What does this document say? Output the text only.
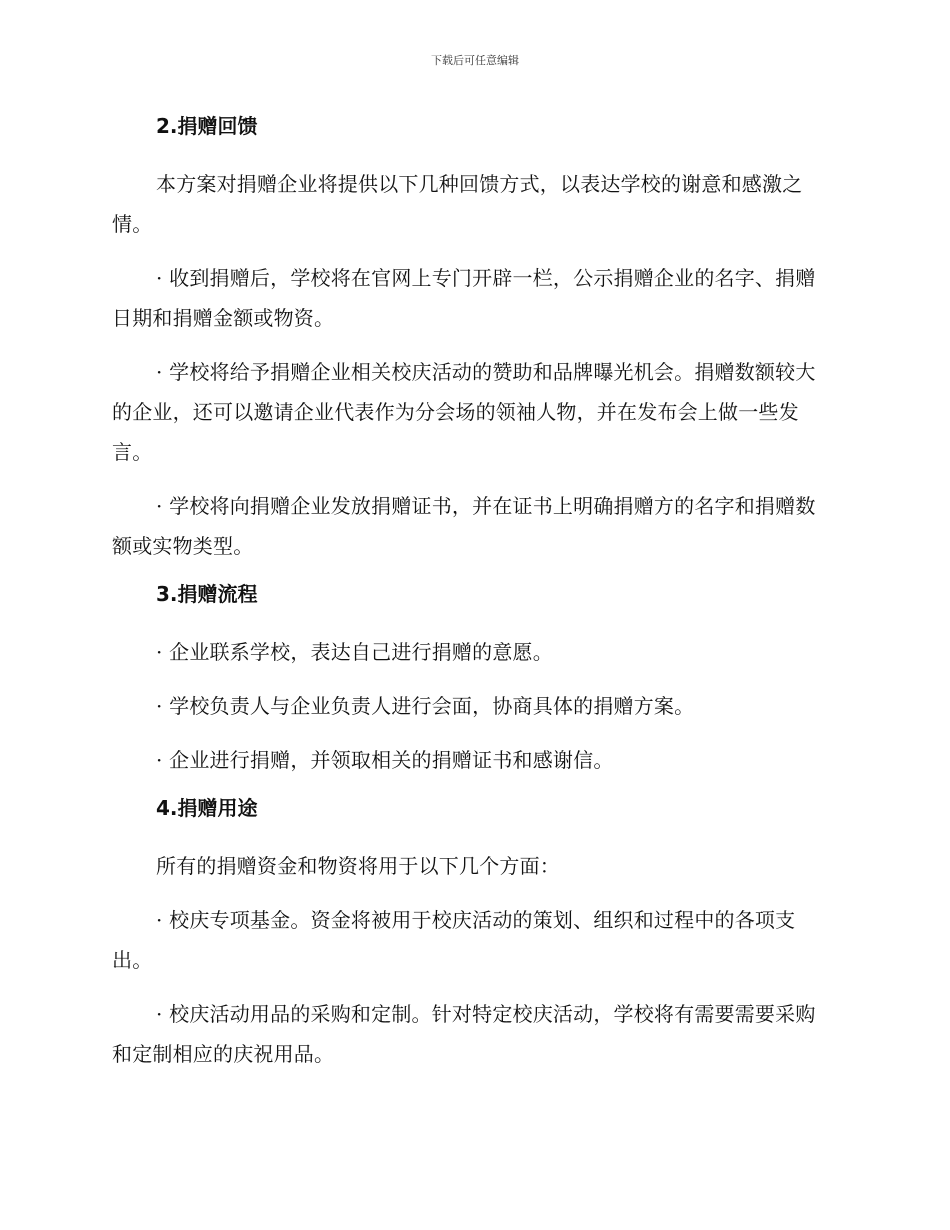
下载后可任意编辑
2.捐赠回馈
本方案对捐赠企业将提供以下几种回馈方式，以表达学校的谢意和感激之情。
· 收到捐赠后，学校将在官网上专门开辟一栏，公示捐赠企业的名字、捐赠日期和捐赠金额或物资。
· 学校将给予捐赠企业相关校庆活动的赞助和品牌曝光机会。捐赠数额较大的企业，还可以邀请企业代表作为分会场的领袖人物，并在发布会上做一些发言。
· 学校将向捐赠企业发放捐赠证书，并在证书上明确捐赠方的名字和捐赠数额或实物类型。
3.捐赠流程
· 企业联系学校，表达自己进行捐赠的意愿。
· 学校负责人与企业负责人进行会面，协商具体的捐赠方案。
· 企业进行捐赠，并领取相关的捐赠证书和感谢信。
4.捐赠用途
所有的捐赠资金和物资将用于以下几个方面：
· 校庆专项基金。资金将被用于校庆活动的策划、组织和过程中的各项支出。
· 校庆活动用品的采购和定制。针对特定校庆活动，学校将有需要需要采购和定制相应的庆祝用品。
